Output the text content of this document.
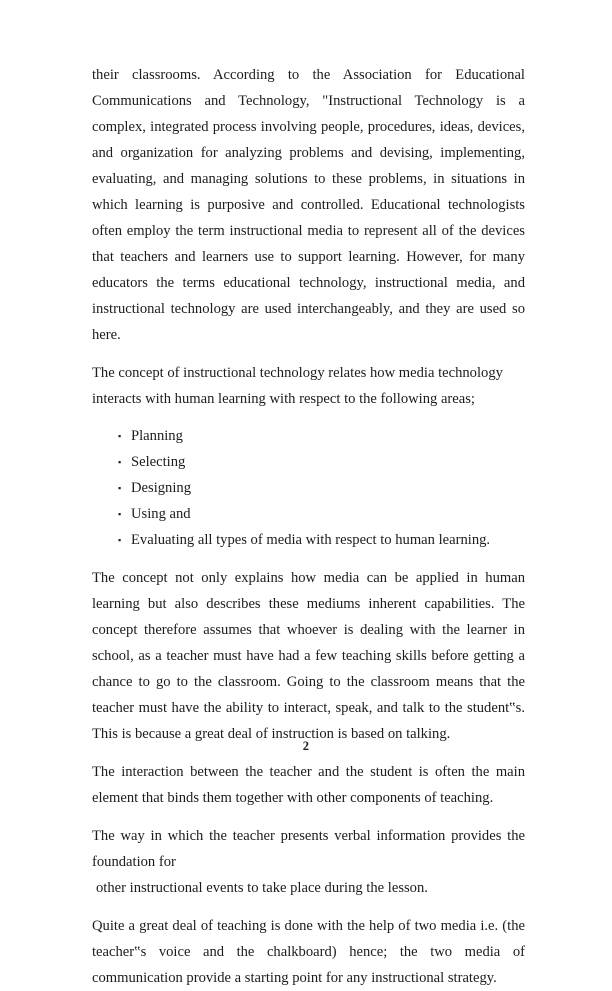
their classrooms. According to the Association for Educational Communications and Technology, "Instructional Technology is a complex, integrated process involving people, procedures, ideas, devices, and organization for analyzing problems and devising, implementing, evaluating, and managing solutions to these problems, in situations in which learning is purposive and controlled. Educational technologists often employ the term instructional media to represent all of the devices that teachers and learners use to support learning. However, for many educators the terms educational technology, instructional media, and instructional technology are used interchangeably, and they are used so here.

The concept of instructional technology relates how media technology interacts with human learning with respect to the following areas;

▪ Planning
▪ Selecting
▪ Designing
▪ Using and
▪ Evaluating all types of media with respect to human learning.

The concept not only explains how media can be applied in human learning but also describes these mediums inherent capabilities. The concept therefore assumes that whoever is dealing with the learner in school, as a teacher must have had a few teaching skills before getting a chance to go to the classroom. Going to the classroom means that the teacher must have the ability to interact, speak, and talk to the student‟s. This is because a great deal of instruction is based on talking.

The interaction between the teacher and the student is often the main element that binds them together with other components of teaching.

The way in which the teacher presents verbal information provides the foundation for

other instructional events to take place during the lesson.

Quite a great deal of teaching is done with the help of two media i.e. (the teacher‟s voice and the chalkboard) hence; the two media of communication provide a starting point for any instructional strategy.

2
